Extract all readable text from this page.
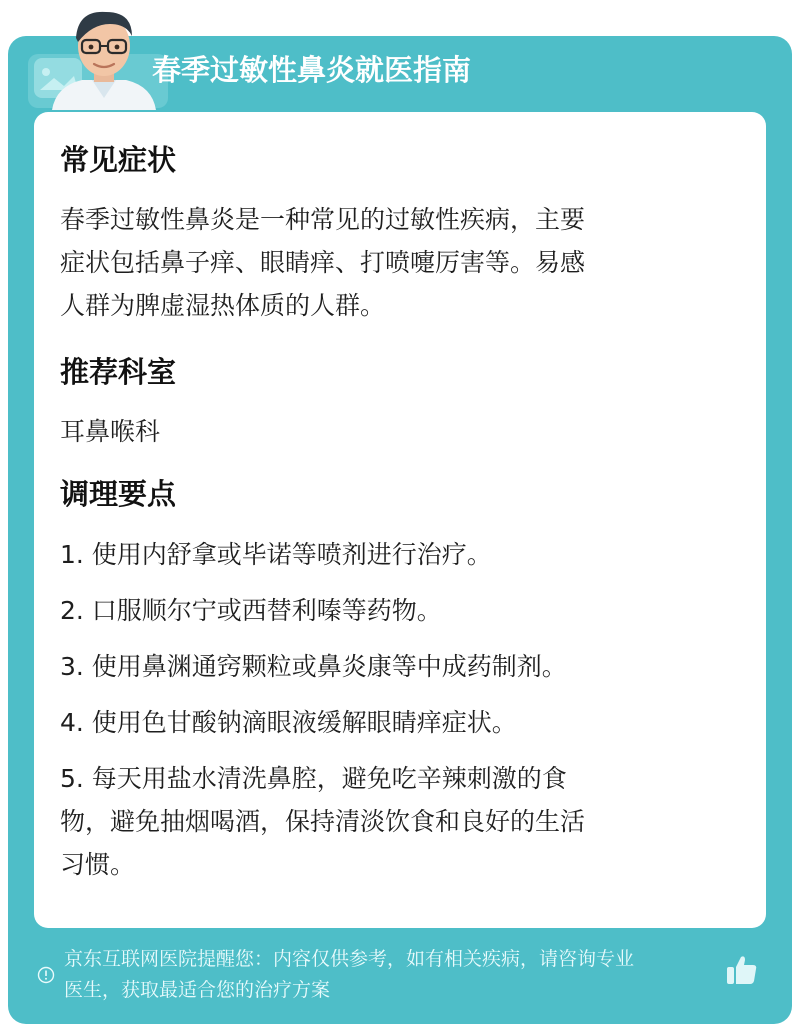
春季过敏性鼻炎就医指南
常见症状
春季过敏性鼻炎是一种常见的过敏性疾病，主要
症状包括鼻子痒、眼睛痒、打喷嚏厉害等。易感
人群为脾虚湿热体质的人群。
推荐科室
耳鼻喉科
调理要点
1. 使用内舒拿或毕诺等喷剂进行治疗。
2. 口服顺尔宁或西替利嗪等药物。
3. 使用鼻渊通窍颗粒或鼻炎康等中成药制剂。
4. 使用色甘酸钠滴眼液缓解眼睛痒症状。
5. 每天用盐水清洗鼻腔，避免吃辛辣刺激的食
物，避免抽烟喝酒，保持清淡饮食和良好的生活
习惯。
京东互联网医院提醒您：内容仅供参考，如有相关疾病，请咨询专业
医生，获取最适合您的治疗方案
